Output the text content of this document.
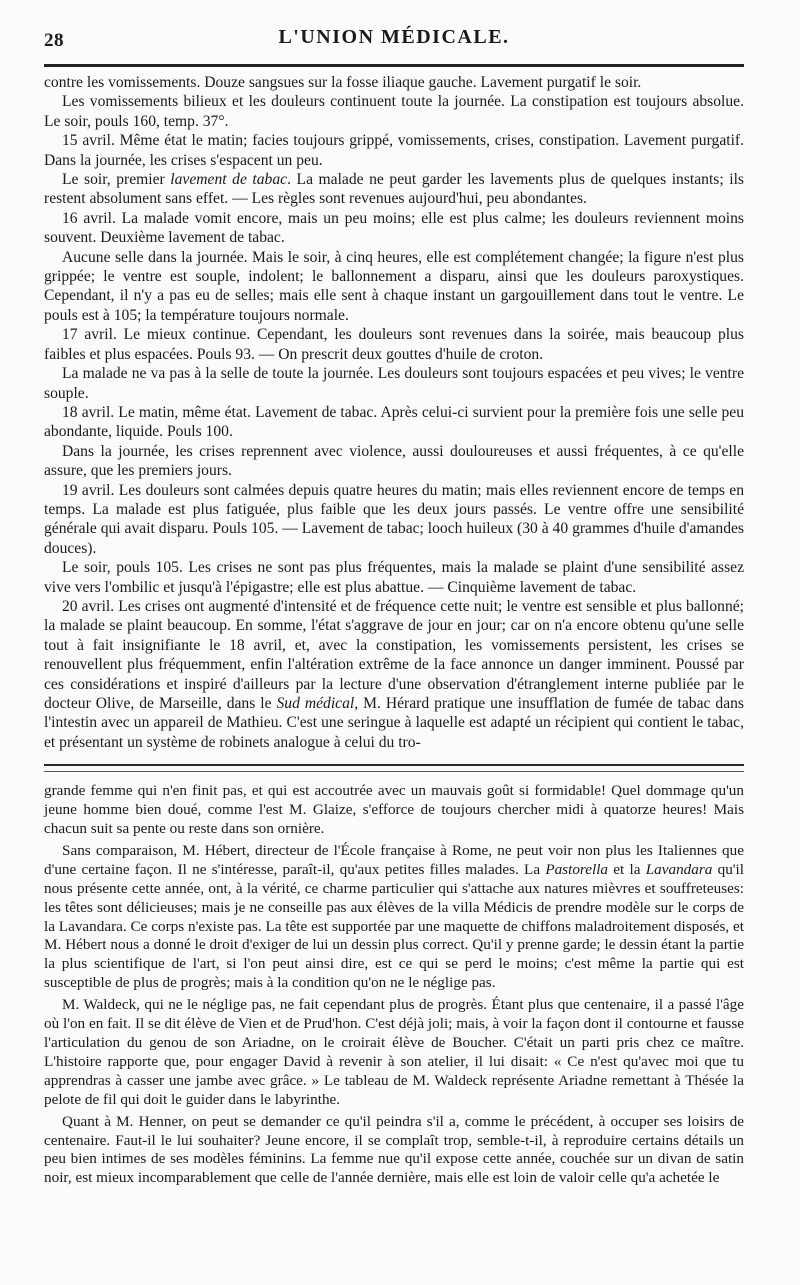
28	L'UNION MÉDICALE.

contre les vomissements. Douze sangsues sur la fosse iliaque gauche. Lavement purgatif le soir.

Les vomissements bilieux et les douleurs continuent toute la journée. La constipation est toujours absolue. Le soir, pouls 160, temp. 37°.

15 avril. Même état le matin; facies toujours grippé, vomissements, crises, constipation. Lavement purgatif. Dans la journée, les crises s'espacent un peu.

Le soir, premier lavement de tabac. La malade ne peut garder les lavements plus de quelques instants; ils restent absolument sans effet. — Les règles sont revenues aujourd'hui, peu abondantes.

16 avril. La malade vomit encore, mais un peu moins; elle est plus calme; les douleurs reviennent moins souvent. Deuxième lavement de tabac.

Aucune selle dans la journée. Mais le soir, à cinq heures, elle est complétement changée; la figure n'est plus grippée; le ventre est souple, indolent; le ballonnement a disparu, ainsi que les douleurs paroxystiques. Cependant, il n'y a pas eu de selles; mais elle sent à chaque instant un gargouillement dans tout le ventre. Le pouls est à 105; la température toujours normale.

17 avril. Le mieux continue. Cependant, les douleurs sont revenues dans la soirée, mais beaucoup plus faibles et plus espacées. Pouls 93. — On prescrit deux gouttes d'huile de croton.

La malade ne va pas à la selle de toute la journée. Les douleurs sont toujours espacées et peu vives; le ventre souple.

18 avril. Le matin, même état. Lavement de tabac. Après celui-ci survient pour la première fois une selle peu abondante, liquide. Pouls 100.

Dans la journée, les crises reprennent avec violence, aussi douloureuses et aussi fréquentes, à ce qu'elle assure, que les premiers jours.

19 avril. Les douleurs sont calmées depuis quatre heures du matin; mais elles reviennent encore de temps en temps. La malade est plus fatiguée, plus faible que les deux jours passés. Le ventre offre une sensibilité générale qui avait disparu. Pouls 105. — Lavement de tabac; looch huileux (30 à 40 grammes d'huile d'amandes douces).

Le soir, pouls 105. Les crises ne sont pas plus fréquentes, mais la malade se plaint d'une sensibilité assez vive vers l'ombilic et jusqu'à l'épigastre; elle est plus abattue. — Cinquième lavement de tabac.

20 avril. Les crises ont augmenté d'intensité et de fréquence cette nuit; le ventre est sensible et plus ballonné; la malade se plaint beaucoup. En somme, l'état s'aggrave de jour en jour; car on n'a encore obtenu qu'une selle tout à fait insignifiante le 18 avril, et, avec la constipation, les vomissements persistent, les crises se renouvellent plus fréquemment, enfin l'altération extrême de la face annonce un danger imminent. Poussé par ces considérations et inspiré d'ailleurs par la lecture d'une observation d'étranglement interne publiée par le docteur Olive, de Marseille, dans le Sud médical, M. Hérard pratique une insufflation de fumée de tabac dans l'intestin avec un appareil de Mathieu. C'est une seringue à laquelle est adapté un récipient qui contient le tabac, et présentant un système de robinets analogue à celui du tro-

grande femme qui n'en finit pas, et qui est accoutrée avec un mauvais goût si formidable! Quel dommage qu'un jeune homme bien doué, comme l'est M. Glaize, s'efforce de toujours chercher midi à quatorze heures! Mais chacun suit sa pente ou reste dans son ornière.

Sans comparaison, M. Hébert, directeur de l'École française à Rome, ne peut voir non plus les Italiennes que d'une certaine façon. Il ne s'intéresse, paraît-il, qu'aux petites filles malades. La Pastorella et la Lavandara qu'il nous présente cette année, ont, à la vérité, ce charme particulier qui s'attache aux natures mièvres et souffreteuses: les têtes sont délicieuses; mais je ne conseille pas aux élèves de la villa Médicis de prendre modèle sur le corps de la Lavandara. Ce corps n'existe pas. La tête est supportée par une maquette de chiffons maladroitement disposés, et M. Hébert nous a donné le droit d'exiger de lui un dessin plus correct. Qu'il y prenne garde; le dessin étant la partie la plus scientifique de l'art, si l'on peut ainsi dire, est ce qui se perd le moins; c'est même la partie qui est susceptible de plus de progrès; mais à la condition qu'on ne le néglige pas.

M. Waldeck, qui ne le néglige pas, ne fait cependant plus de progrès. Étant plus que centenaire, il a passé l'âge où l'on en fait. Il se dit élève de Vien et de Prud'hon. C'est déjà joli; mais, à voir la façon dont il contourne et fausse l'articulation du genou de son Ariadne, on le croirait élève de Boucher. C'était un parti pris chez ce maître. L'histoire rapporte que, pour engager David à revenir à son atelier, il lui disait: « Ce n'est qu'avec moi que tu apprendras à casser une jambe avec grâce. » Le tableau de M. Waldeck représente Ariadne remettant à Thésée la pelote de fil qui doit le guider dans le labyrinthe.

Quant à M. Henner, on peut se demander ce qu'il peindra s'il a, comme le précédent, à occuper ses loisirs de centenaire. Faut-il le lui souhaiter? Jeune encore, il se complaît trop, semble-t-il, à reproduire certains détails un peu bien intimes de ses modèles féminins. La femme nue qu'il expose cette année, couchée sur un divan de satin noir, est mieux incomparablement que celle de l'année dernière, mais elle est loin de valoir celle qu'a achetée le
